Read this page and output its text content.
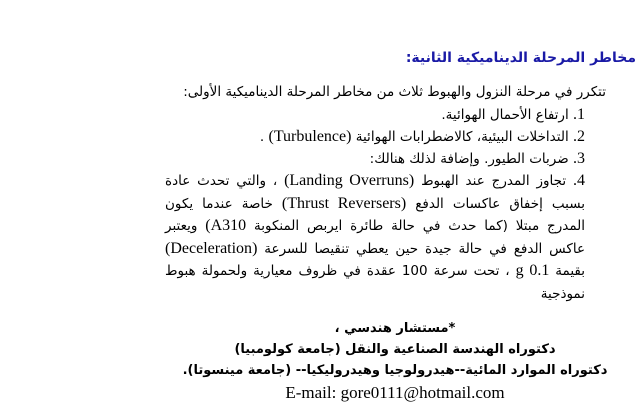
مخاطر المرحلة الديناميكية الثانية:
تتكرر في مرحلة النزول والهبوط ثلاث من مخاطر المرحلة الديناميكية الأولى:
1. ارتفاع الأحمال الهوائية.
2. التداخلات البيئية، كالاضطرابات الهوائية (Turbulence) .
3. ضربات الطيور. وإضافة لذلك هنالك:
4. تجاوز المدرج عند الهبوط (Landing Overruns) ، والتي تحدث عادة بسبب إخفاق عاكسات الدفع (Thrust Reversers) خاصة عندما يكون المدرج مبتلا (كما حدث في حالة طائرة ايربص المنكوبة A310) ويعتبر عاكس الدفع في حالة جيدة حين يعطي تنقيصا للسرعة (Deceleration) بقيمة 0.1 g ، تحت سرعة 100 عقدة في ظروف معيارية ولحمولة هبوط نموذجية
*مستشار هندسي ،
دكتوراه الهندسة الصناعية والنقل (جامعة كولومبيا)
دكتوراه الموارد المائية--هيدرولوجيا وهيدروليكيا-- (جامعة مينسوتا).
E-mail: gore0111@hotmail.com
